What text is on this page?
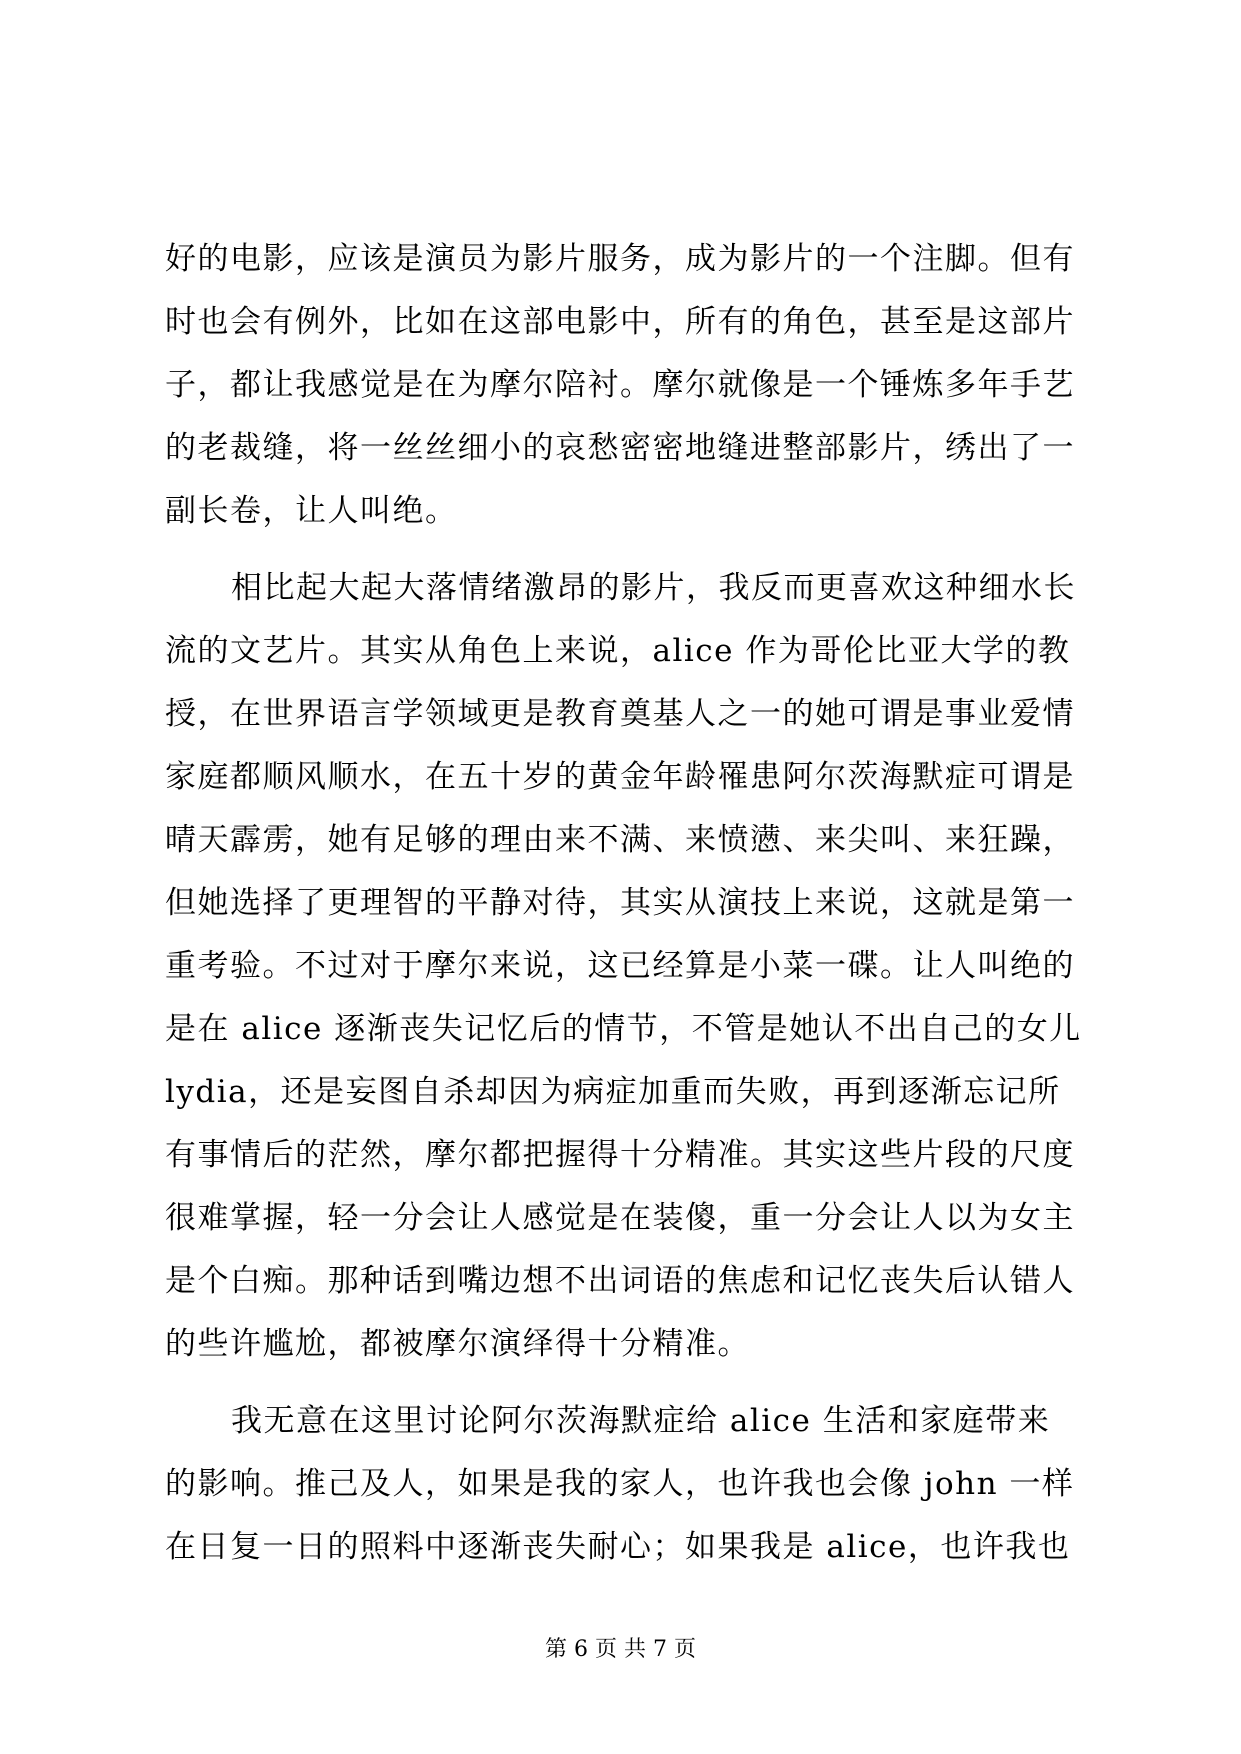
好的电影，应该是演员为影片服务，成为影片的一个注脚。但有
时也会有例外，比如在这部电影中，所有的角色，甚至是这部片
子，都让我感觉是在为摩尔陪衬。摩尔就像是一个锤炼多年手艺
的老裁缝，将一丝丝细小的哀愁密密地缝进整部影片，绣出了一
副长卷，让人叫绝。
相比起大起大落情绪激昂的影片，我反而更喜欢这种细水长
流的文艺片。其实从角色上来说，alice 作为哥伦比亚大学的教
授，在世界语言学领域更是教育奠基人之一的她可谓是事业爱情
家庭都顺风顺水，在五十岁的黄金年龄罹患阿尔茨海默症可谓是
晴天霹雳，她有足够的理由来不满、来愤懑、来尖叫、来狂躁，
但她选择了更理智的平静对待，其实从演技上来说，这就是第一
重考验。不过对于摩尔来说，这已经算是小菜一碟。让人叫绝的
是在 alice 逐渐丧失记忆后的情节，不管是她认不出自己的女儿
lydia，还是妄图自杀却因为病症加重而失败，再到逐渐忘记所
有事情后的茫然，摩尔都把握得十分精准。其实这些片段的尺度
很难掌握，轻一分会让人感觉是在装傻，重一分会让人以为女主
是个白痴。那种话到嘴边想不出词语的焦虑和记忆丧失后认错人
的些许尴尬，都被摩尔演绎得十分精准。
我无意在这里讨论阿尔茨海默症给 alice 生活和家庭带来
的影响。推己及人，如果是我的家人，也许我也会像 john 一样
在日复一日的照料中逐渐丧失耐心；如果我是 alice，也许我也
第 6 页 共 7 页
